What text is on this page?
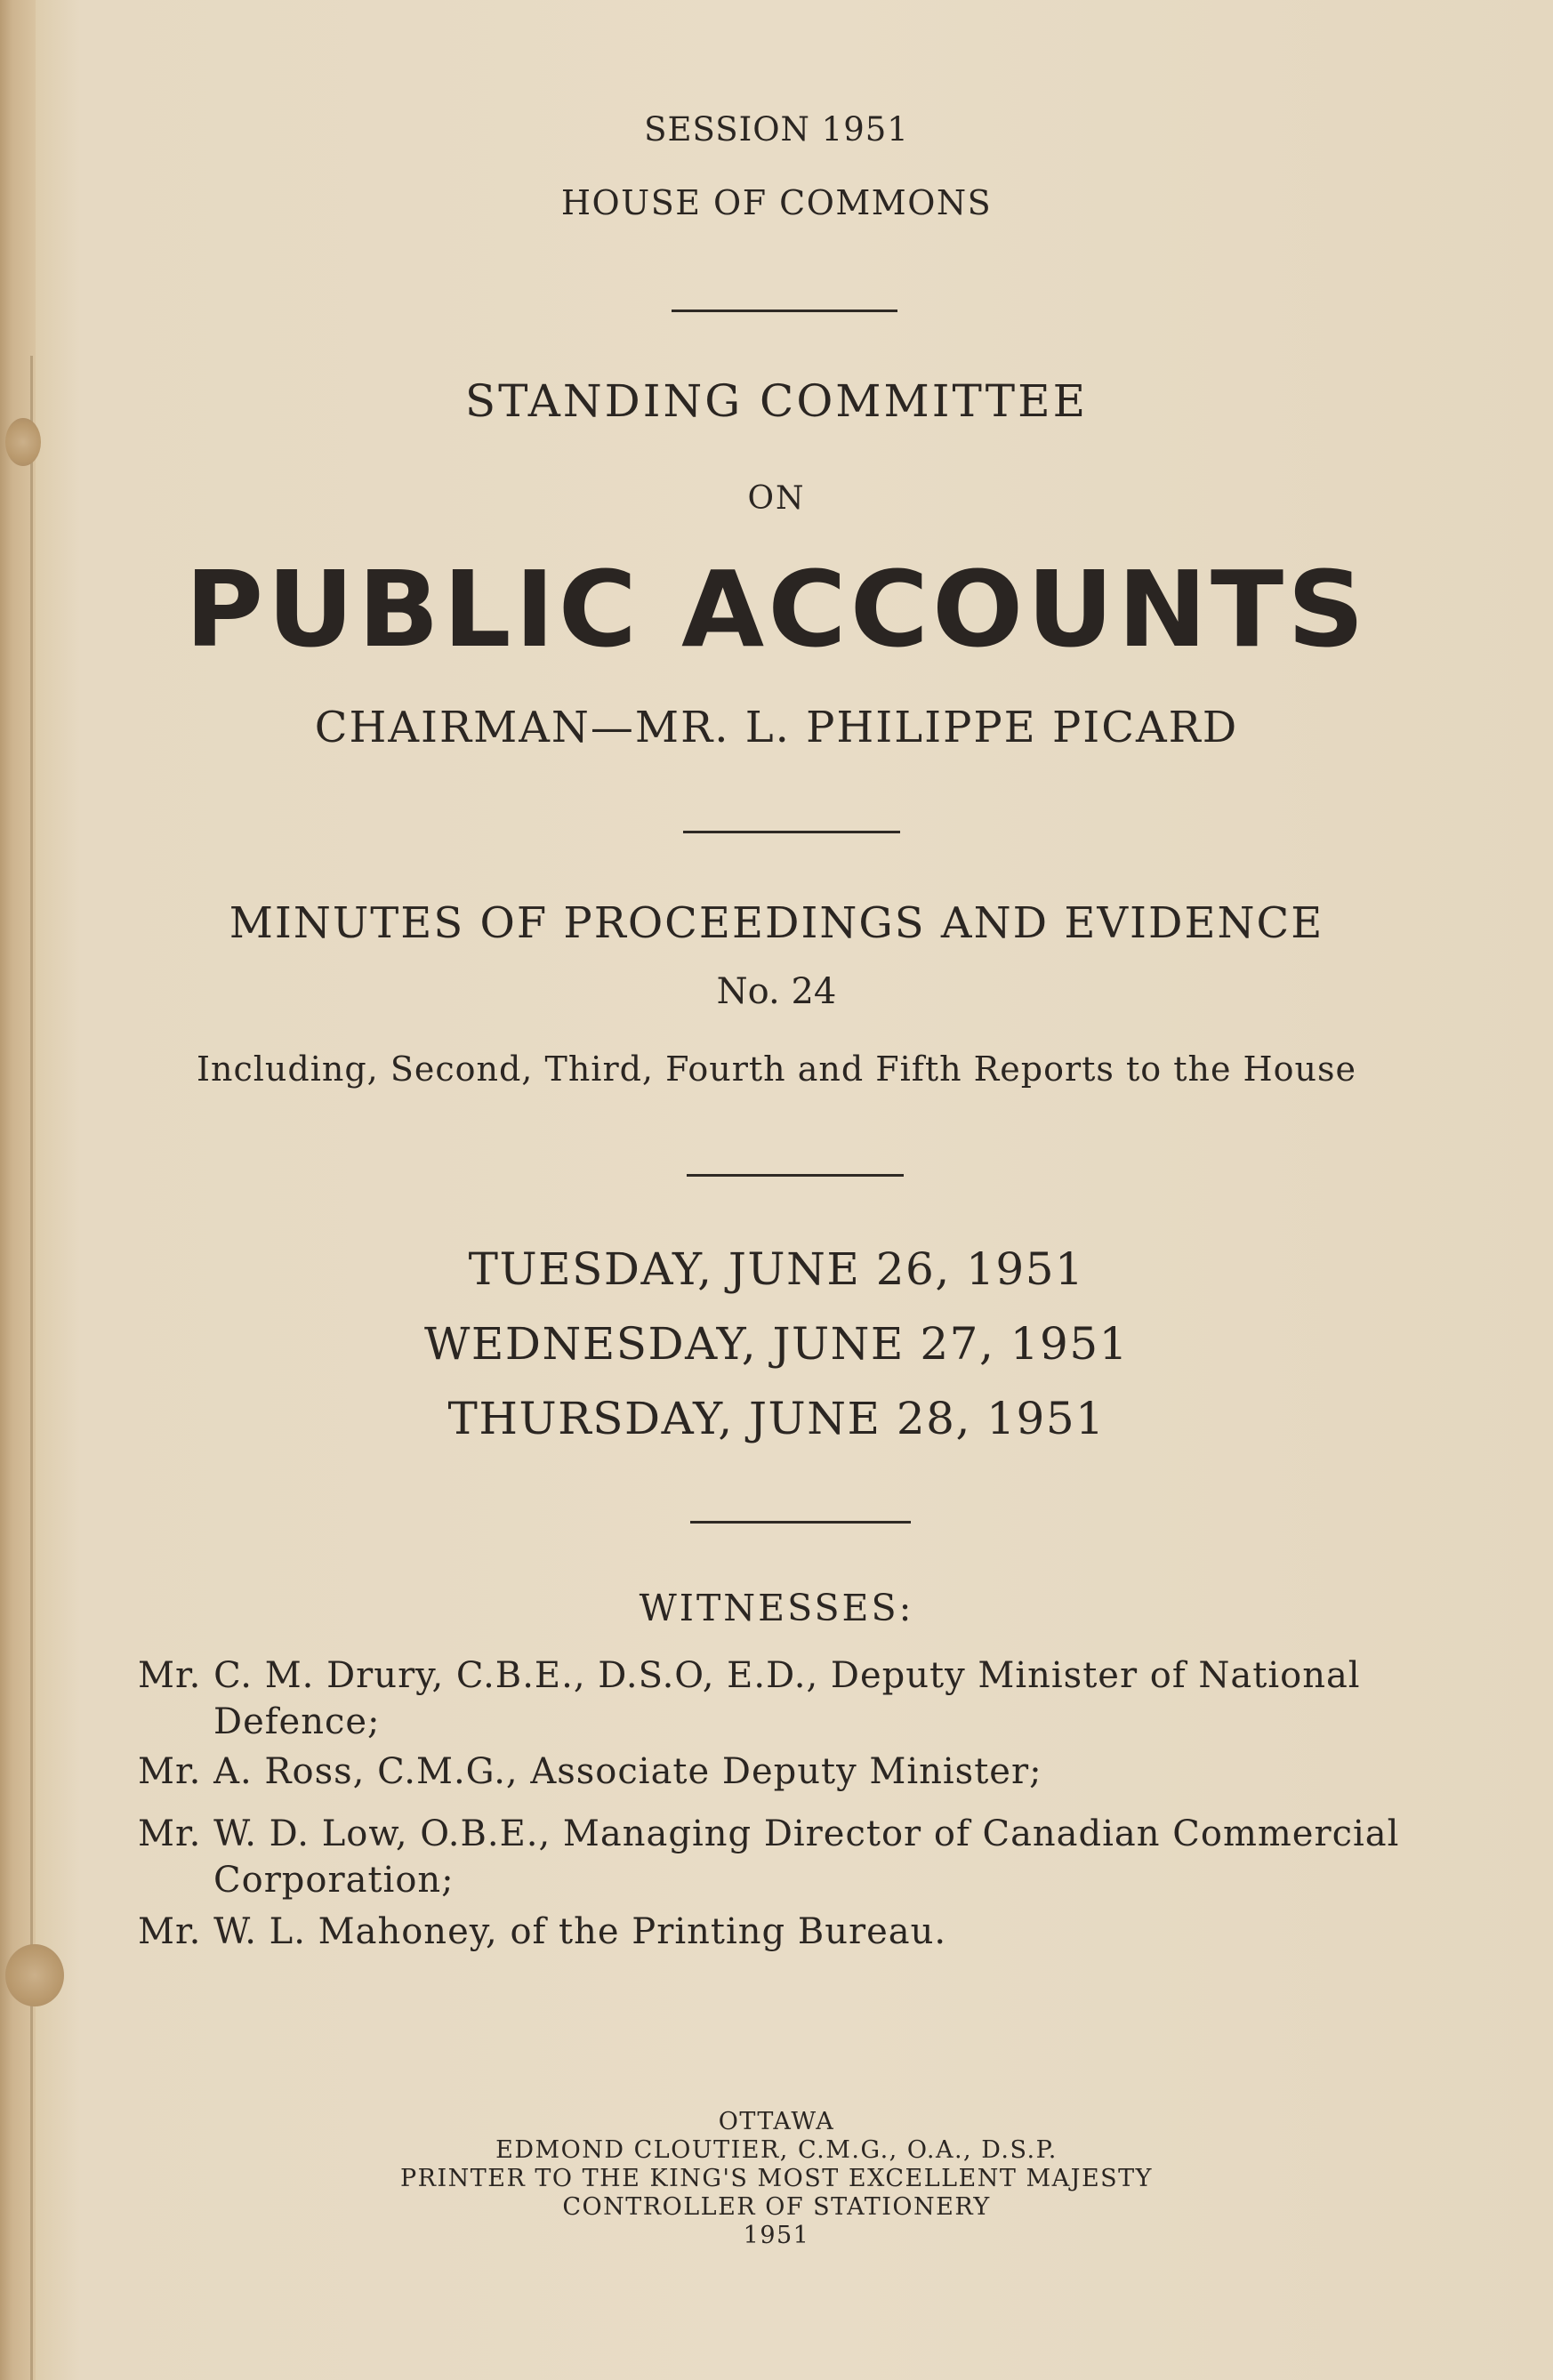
SESSION 1951
HOUSE OF COMMONS
STANDING COMMITTEE
ON
PUBLIC ACCOUNTS
CHAIRMAN—MR. L. PHILIPPE PICARD
MINUTES OF PROCEEDINGS AND EVIDENCE
No. 24
Including, Second, Third, Fourth and Fifth Reports to the House
TUESDAY, JUNE 26, 1951
WEDNESDAY, JUNE 27, 1951
THURSDAY, JUNE 28, 1951
WITNESSES:
Mr. C. M. Drury, C.B.E., D.S.O, E.D., Deputy Minister of National
Defence;
Mr. A. Ross, C.M.G., Associate Deputy Minister;
Mr. W. D. Low, O.B.E., Managing Director of Canadian Commercial
Corporation;
Mr. W. L. Mahoney, of the Printing Bureau.
OTTAWA
EDMOND CLOUTIER, C.M.G., O.A., D.S.P.
PRINTER TO THE KING'S MOST EXCELLENT MAJESTY
CONTROLLER OF STATIONERY
1951
